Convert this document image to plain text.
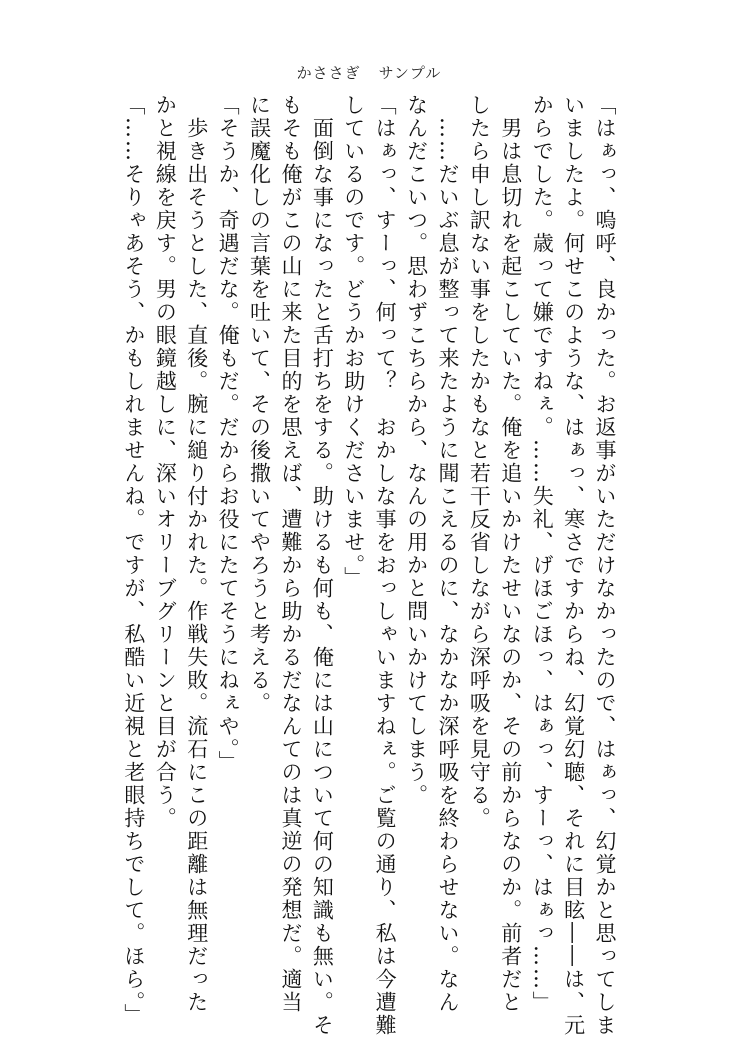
かささぎ サンプル
「はぁっ、嗚呼、良かった。お返事がいただけなかったので、はぁっ、幻覚かと思ってしま
いましたよ。何せこのような、はぁっ、寒さですからね、幻覚幻聴、それに目眩――は、元
からでした。歳って嫌ですねぇ。……失礼、げほごほっ、はぁっ、すーっ、はぁっ……」
　男は息切れを起こしていた。俺を追いかけたせいなのか、その前からなのか。前者だと
したら申し訳ない事をしたかもなと若干反省しながら深呼吸を見守る。
　……だいぶ息が整って来たように聞こえるのに、なかなか深呼吸を終わらせない。なん
なんだこいつ。思わずこちらから、なんの用かと問いかけてしまう。
「はぁっ、すーっ、何って？　おかしな事をおっしゃいますねぇ。ご覧の通り、私は今遭難
しているのです。どうかお助けくださいませ。」
　面倒な事になったと舌打ちをする。助けるも何も、俺には山について何の知識も無い。そ
もそも俺がこの山に来た目的を思えば、遭難から助かるだなんてのは真逆の発想だ。適当
に誤魔化しの言葉を吐いて、その後撒いてやろうと考える。
「そうか、奇遇だな。俺もだ。だからお役にたてそうにねぇや。」
　歩き出そうとした、直後。腕に縋り付かれた。作戦失敗。流石にこの距離は無理だった
かと視線を戻す。男の眼鏡越しに、深いオリーブグリーンと目が合う。
「……そりゃあそう、かもしれませんね。ですが、私酷い近視と老眼持ちでして。ほら。」
